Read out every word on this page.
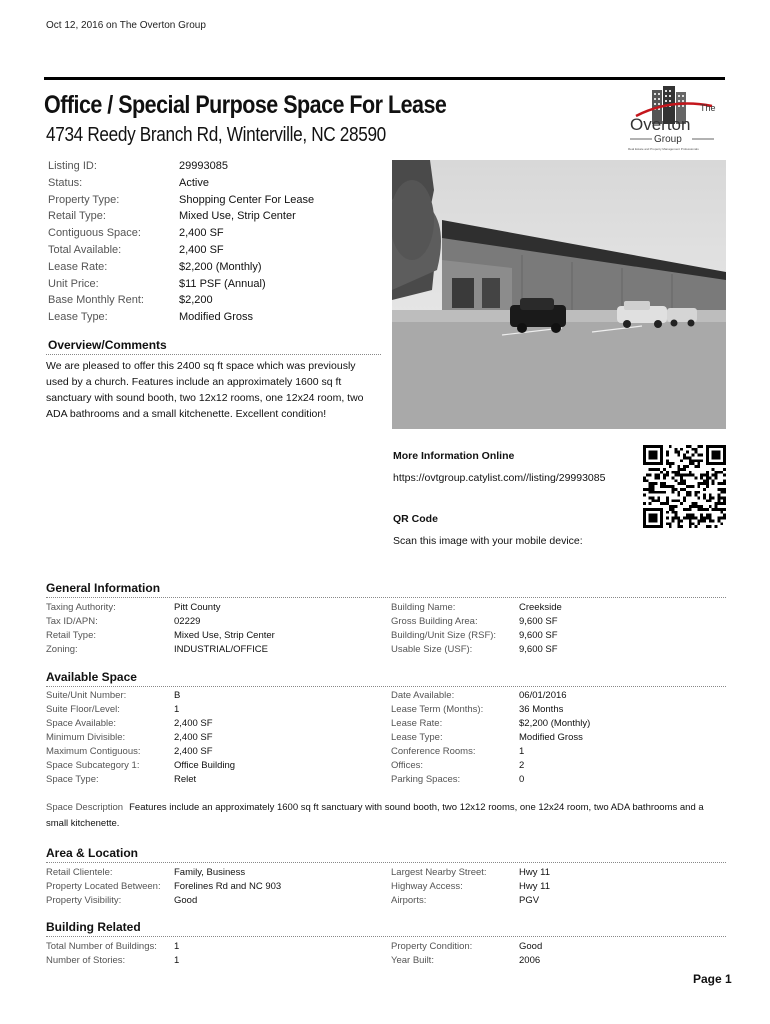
Oct 12, 2016 on The Overton Group
Office / Special Purpose Space For Lease
4734 Reedy Branch Rd, Winterville, NC 28590
The
Overton
Group
Real Estate and Property Management Professionals
Listing ID:	29993085
Status:	Active
Property Type:	Shopping Center For Lease
Retail Type:	Mixed Use, Strip Center
Contiguous Space:	2,400 SF
Total Available:	2,400 SF
Lease Rate:	$2,200 (Monthly)
Unit Price:	$11 PSF (Annual)
Base Monthly Rent:	$2,200
Lease Type:	Modified Gross
Overview/Comments
We are pleased to offer this 2400 sq ft space which was previously used by a church. Features include an approximately 1600 sq ft sanctuary with sound booth, two 12x12 rooms, one 12x24 room, two ADA bathrooms and a small kitchenette. Excellent condition!
More Information Online
https://ovtgroup.catylist.com//listing/29993085
QR Code
Scan this image with your mobile device:
General Information
Taxing Authority:	Pitt County
Tax ID/APN:	02229
Retail Type:	Mixed Use, Strip Center
Zoning:	INDUSTRIAL/OFFICE
Building Name:	Creekside
Gross Building Area:	9,600 SF
Building/Unit Size (RSF): 9,600 SF
Usable Size (USF):	9,600 SF
Available Space
Suite/Unit Number:	B
Suite Floor/Level:	1
Space Available:	2,400 SF
Minimum Divisible:	2,400 SF
Maximum Contiguous:	2,400 SF
Space Subcategory 1:	Office Building
Space Type:	Relet
Date Available:	06/01/2016
Lease Term (Months):	36 Months
Lease Rate:	$2,200 (Monthly)
Lease Type:	Modified Gross
Conference Rooms:	1
Offices:	2
Parking Spaces:	0
Area & Location
Retail Clientele:	Family, Business
Property Located Between: Forelines Rd and NC 903
Property Visibility:	Good
Largest Nearby Street:	Hwy 11
Highway Access:	Hwy 11
Airports:	PGV
Building Related
Total Number of Buildings: 1
Number of Stories:	1
Property Condition:	Good
Year Built:	2006
Space Description Features include an approximately 1600 sq ft sanctuary with sound booth, two 12x12 rooms, one 12x24 room, two ADA bathrooms and a small kitchenette.
Page 1
